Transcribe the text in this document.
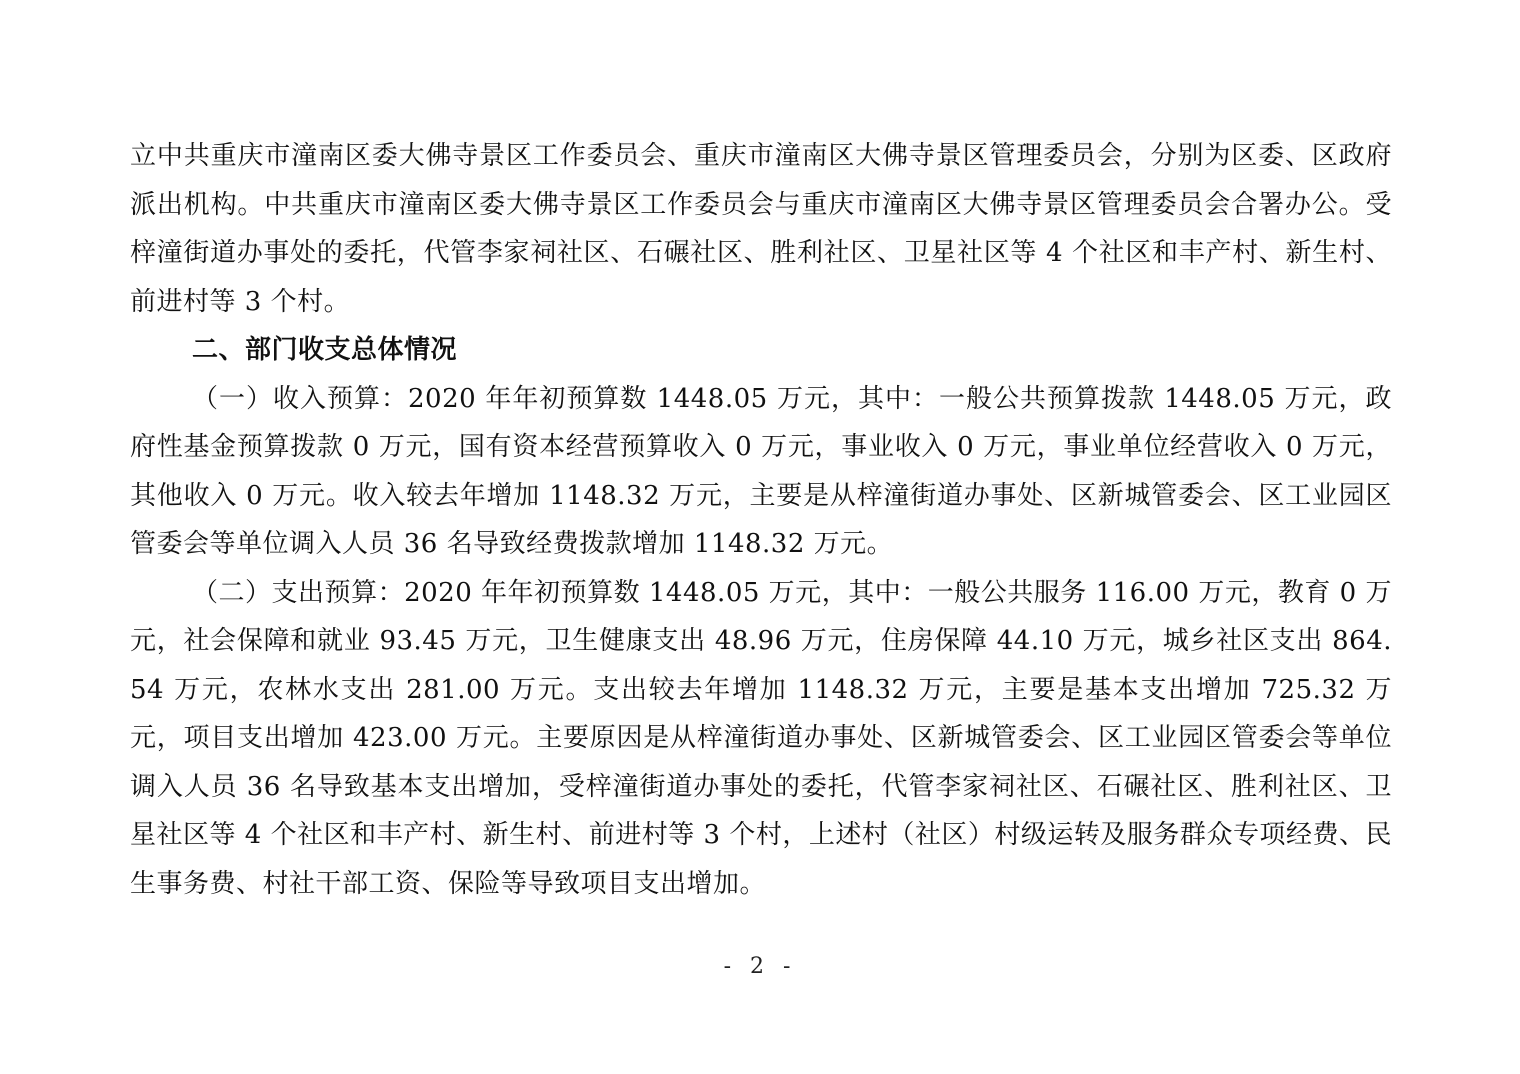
立中共重庆市潼南区委大佛寺景区工作委员会、重庆市潼南区大佛寺景区管理委员会，分别为区委、区政府派出机构。中共重庆市潼南区委大佛寺景区工作委员会与重庆市潼南区大佛寺景区管理委员会合署办公。受梓潼街道办事处的委托，代管李家祠社区、石碾社区、胜利社区、卫星社区等 4 个社区和丰产村、新生村、前进村等 3 个村。

二、部门收支总体情况

（一）收入预算：2020 年年初预算数 1448.05 万元，其中：一般公共预算拨款 1448.05 万元，政府性基金预算拨款 0 万元，国有资本经营预算收入 0 万元，事业收入 0 万元，事业单位经营收入 0 万元，其他收入 0 万元。收入较去年增加 1148.32 万元，主要是从梓潼街道办事处、区新城管委会、区工业园区管委会等单位调入人员 36 名导致经费拨款增加 1148.32 万元。

（二）支出预算：2020 年年初预算数 1448.05 万元，其中：一般公共服务 116.00 万元，教育 0 万元，社会保障和就业 93.45 万元，卫生健康支出 48.96 万元，住房保障 44.10 万元，城乡社区支出 864.54 万元，农林水支出 281.00 万元。支出较去年增加 1148.32 万元，主要是基本支出增加 725.32 万元，项目支出增加 423.00 万元。主要原因是从梓潼街道办事处、区新城管委会、区工业园区管委会等单位调入人员 36 名导致基本支出增加，受梓潼街道办事处的委托，代管李家祠社区、石碾社区、胜利社区、卫星社区等 4 个社区和丰产村、新生村、前进村等 3 个村，上述村（社区）村级运转及服务群众专项经费、民生事务费、村社干部工资、保险等导致项目支出增加。

- 2 -
